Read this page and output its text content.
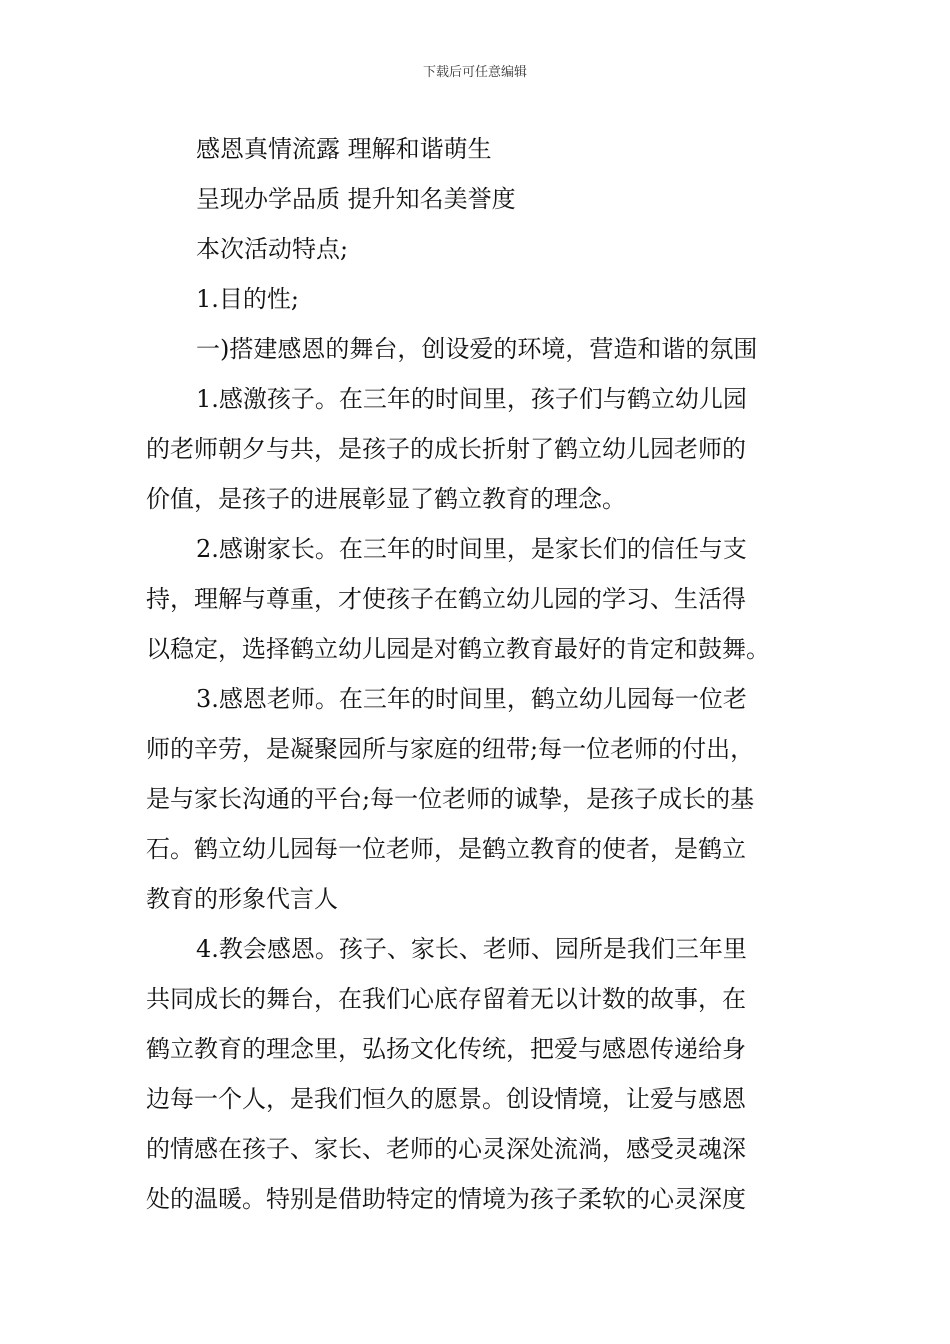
下载后可任意编辑
感恩真情流露 理解和谐萌生
呈现办学品质 提升知名美誉度
本次活动特点;
1.目的性;
一)搭建感恩的舞台，创设爱的环境，营造和谐的氛围
1.感激孩子。在三年的时间里，孩子们与鹤立幼儿园
的老师朝夕与共，是孩子的成长折射了鹤立幼儿园老师的
价值，是孩子的进展彰显了鹤立教育的理念。
2.感谢家长。在三年的时间里，是家长们的信任与支
持，理解与尊重，才使孩子在鹤立幼儿园的学习、生活得
以稳定，选择鹤立幼儿园是对鹤立教育最好的肯定和鼓舞。
3.感恩老师。在三年的时间里，鹤立幼儿园每一位老
师的辛劳，是凝聚园所与家庭的纽带;每一位老师的付出，
是与家长沟通的平台;每一位老师的诚挚，是孩子成长的基
石。鹤立幼儿园每一位老师，是鹤立教育的使者，是鹤立
教育的形象代言人
4.教会感恩。孩子、家长、老师、园所是我们三年里
共同成长的舞台，在我们心底存留着无以计数的故事，在
鹤立教育的理念里，弘扬文化传统，把爱与感恩传递给身
边每一个人，是我们恒久的愿景。创设情境，让爱与感恩
的情感在孩子、家长、老师的心灵深处流淌，感受灵魂深
处的温暖。特别是借助特定的情境为孩子柔软的心灵深度
